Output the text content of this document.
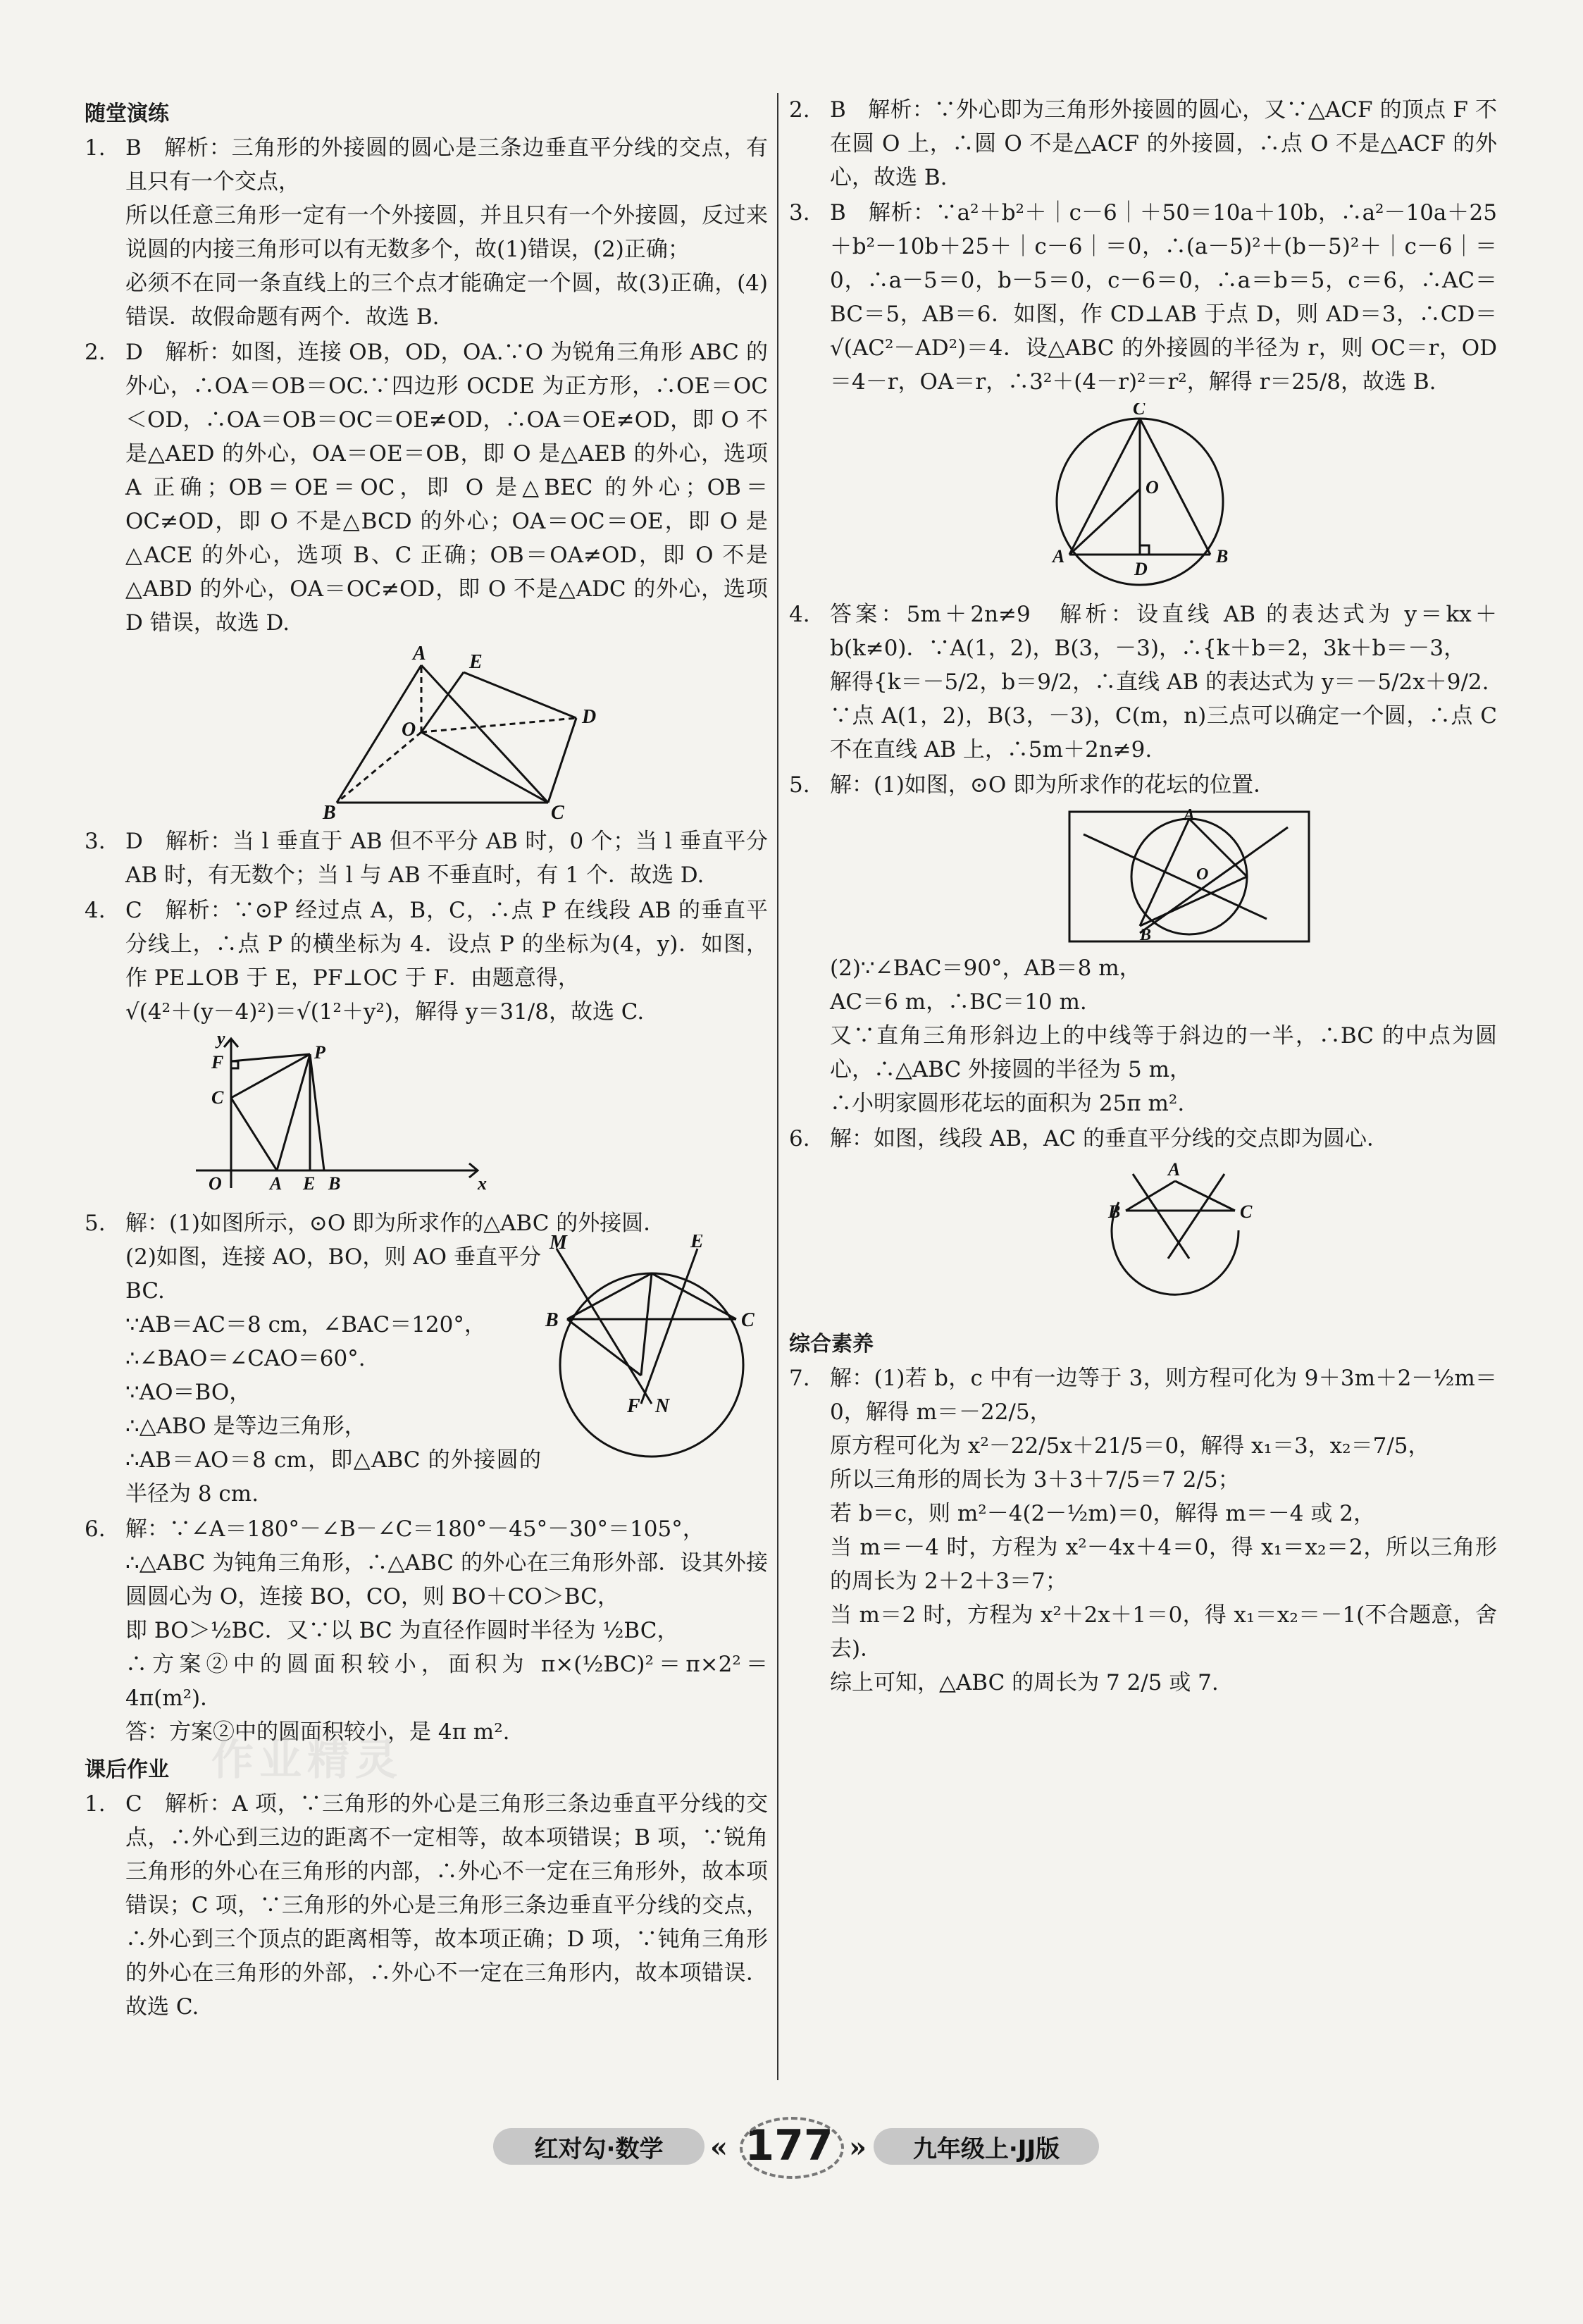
随堂演练
1. B　解析：三角形的外接圆的圆心是三条边垂直平分线的交点，有且只有一个交点，

所以任意三角形一定有一个外接圆，并且只有一个外接圆，反过来说圆的内接三角形可以有无数多个，故(1)错误，(2)正确；

必须不在同一条直线上的三个点才能确定一个圆，故(3)正确，(4)错误．故假命题有两个．故选 B.

2. D　解析：如图，连接 OB，OD，OA.∵O 为锐角三角形 ABC 的外心，∴OA＝OB＝OC.∵四边形 OCDE 为正方形，∴OE＝OC＜OD，∴OA＝OB＝OC＝OE≠OD，∴OA＝OE≠OD，即 O 不是△AED 的外心，OA＝OE＝OB，即 O 是△AEB 的外心，选项 A 正确；OB＝OE＝OC，即 O 是△BEC 的外心；OB＝OC≠OD，即 O 不是△BCD 的外心；OA＝OC＝OE，即 O 是△ACE 的外心，选项 B、C 正确；OB＝OA≠OD，即 O 不是△ABD 的外心，OA＝OC≠OD，即 O 不是△ADC 的外心，选项 D 错误，故选 D.

A E
O
D
B	C
3. D　解析：当 l 垂直于 AB 但不平分 AB 时，0 个；当 l 垂直平分 AB 时，有无数个；当 l 与 AB 不垂直时，有 1 个．故选 D.

4. C　解析：∵⊙P 经过点 A，B，C，∴点 P 在线段 AB 的垂直平分线上，∴点 P 的横坐标为 4．设点 P 的坐标为(4，y)．如图，作 PE⊥OB 于 E，PF⊥OC 于 F．由题意得，

√(4²＋(y－4)²)＝√(1²＋y²)，解得 y＝31/8，故选 C.

y
F	P
C
O	A E B	x
5. 解：(1)如图所示，⊙O 即为所求作的△ABC 的外接圆．

(2)如图，连接 AO，BO，则 AO 垂直平分 BC.

∵AB＝AC＝8 cm，∠BAC＝120°，

∴∠BAO＝∠CAO＝60°.

∵AO＝BO，

∴△ABO 是等边三角形，

∴AB＝AO＝8 cm，即△ABC 的外接圆的半径为 8 cm.

M	E
B	C
F N
6. 解：∵∠A＝180°－∠B－∠C＝180°－45°－30°＝105°，

∴△ABC 为钝角三角形，∴△ABC 的外心在三角形外部．设其外接圆圆心为 O，连接 BO，CO，则 BO＋CO＞BC，

即 BO＞½BC．又∵以 BC 为直径作圆时半径为 ½BC，

∴方案②中的圆面积较小，面积为 π×(½BC)²＝π×2²＝4π(m²)．

答：方案②中的圆面积较小，是 4π m².

课后作业
1. C　解析：A 项，∵三角形的外心是三角形三条边垂直平分线的交点，∴外心到三边的距离不一定相等，故本项错误；B 项，∵锐角三角形的外心在三角形的内部，∴外心不一定在三角形外，故本项错误；C 项，∵三角形的外心是三角形三条边垂直平分线的交点，∴外心到三个顶点的距离相等，故本项正确；D 项，∵钝角三角形的外心在三角形的外部，∴外心不一定在三角形内，故本项错误．故选 C.

2. B　解析：∵外心即为三角形外接圆的圆心，又∵△ACF 的顶点 F 不在圆 O 上，∴圆 O 不是△ACF 的外接圆，∴点 O 不是△ACF 的外心，故选 B.

3. B　解析：∵a²＋b²＋｜c－6｜＋50＝10a＋10b，∴a²－10a＋25＋b²－10b＋25＋｜c－6｜＝0，∴(a－5)²＋(b－5)²＋｜c－6｜＝0，∴a－5＝0，b－5＝0，c－6＝0，∴a＝b＝5，c＝6，∴AC＝BC＝5，AB＝6．如图，作 CD⊥AB 于点 D，则 AD＝3，∴CD＝√(AC²－AD²)＝4．设△ABC 的外接圆的半径为 r，则 OC＝r，OD＝4－r，OA＝r，∴3²＋(4－r)²＝r²，解得 r＝25/8，故选 B.

C
O
A
D
B
4. 答案：5m＋2n≠9　解析：设直线 AB 的表达式为 y＝kx＋b(k≠0)．∵A(1，2)，B(3，－3)，∴{k＋b＝2，3k＋b＝－3，

解得{k＝－5/2，b＝9/2，∴直线 AB 的表达式为 y＝－5/2x＋9/2.

∵点 A(1，2)，B(3，－3)，C(m，n)三点可以确定一个圆，∴点 C 不在直线 AB 上，∴5m＋2n≠9.

5. 解：(1)如图，⊙O 即为所求作的花坛的位置．

A
O
B

(2)∵∠BAC＝90°，AB＝8 m，

AC＝6 m，∴BC＝10 m.

又∵直角三角形斜边上的中线等于斜边的一半，∴BC 的中点为圆心，∴△ABC 外接圆的半径为 5 m，

∴小明家圆形花坛的面积为 25π m².

6. 解：如图，线段 AB，AC 的垂直平分线的交点即为圆心．

A
B	C
综合素养
7. 解：(1)若 b，c 中有一边等于 3，则方程可化为 9＋3m＋2－½m＝0，解得 m＝－22/5，

原方程可化为 x²－22/5x＋21/5＝0，解得 x₁＝3，x₂＝7/5，

所以三角形的周长为 3＋3＋7/5＝7 2/5；

若 b＝c，则 m²－4(2－½m)＝0，解得 m＝－4 或 2，

当 m＝－4 时，方程为 x²－4x＋4＝0，得 x₁＝x₂＝2，所以三角形的周长为 2＋2＋3＝7；

当 m＝2 时，方程为 x²＋2x＋1＝0，得 x₁＝x₂＝－1(不合题意，舍去)．

综上可知，△ABC 的周长为 7 2/5 或 7.

作业精灵
红对勾·数学	« 177 »	九年级上·JJ版
